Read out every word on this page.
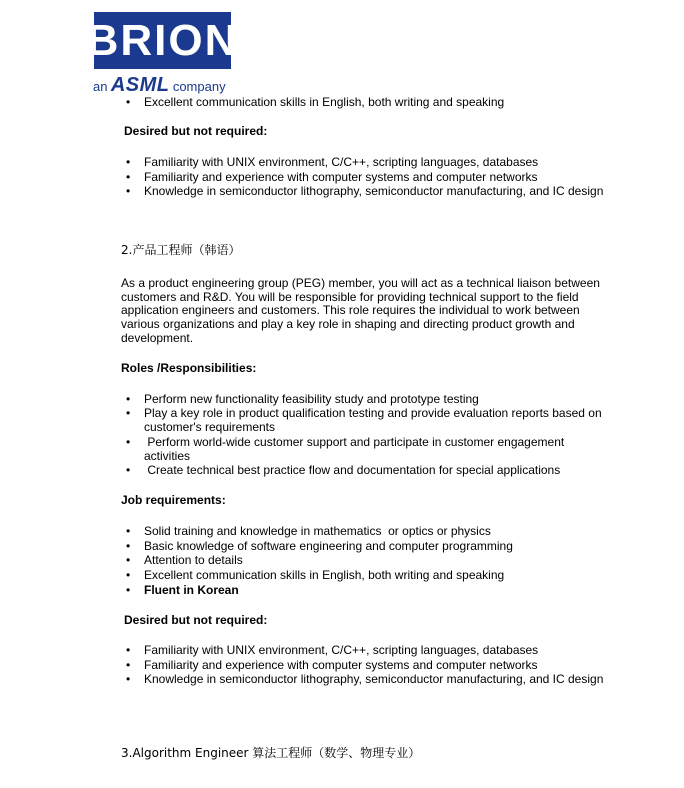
BRION
an ASML company
• Excellent communication skills in English, both writing and speaking
Desired but not required:
• Familiarity with UNIX environment, C/C++, scripting languages, databases
• Familiarity and experience with computer systems and computer networks
• Knowledge in semiconductor lithography, semiconductor manufacturing, and IC design
2.产品工程师（韩语）
As a product engineering group (PEG) member, you will act as a technical liaison between
customers and R&D. You will be responsible for providing technical support to the field
application engineers and customers. This role requires the individual to work between
various organizations and play a key role in shaping and directing product growth and
development.
Roles /Responsibilities:
• Perform new functionality feasibility study and prototype testing
• Play a key role in product qualification testing and provide evaluation reports based on
customer's requirements
• Perform world-wide customer support and participate in customer engagement
activities
• Create technical best practice flow and documentation for special applications
Job requirements:
• Solid training and knowledge in mathematics  or optics or physics
• Basic knowledge of software engineering and computer programming
• Attention to details
• Excellent communication skills in English, both writing and speaking
• Fluent in Korean
Desired but not required:
• Familiarity with UNIX environment, C/C++, scripting languages, databases
• Familiarity and experience with computer systems and computer networks
• Knowledge in semiconductor lithography, semiconductor manufacturing, and IC design
3.Algorithm Engineer 算法工程师（数学、物理专业）
